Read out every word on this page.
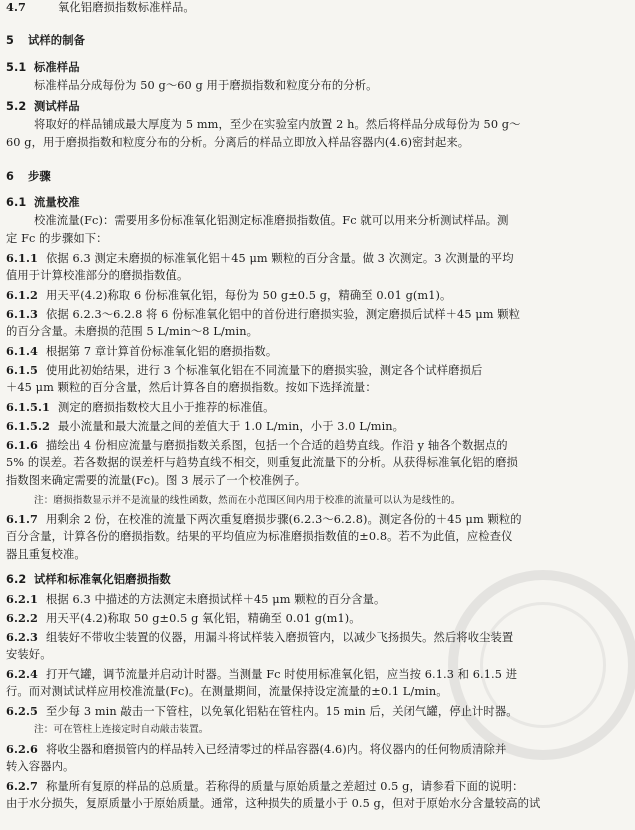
4.7	氧化铝磨损指数标准样品。
5 试样的制备
5.1 标准样品
标准样品分成每份为 50 g～60 g 用于磨损指数和粒度分布的分析。
5.2 测试样品
将取好的样品铺成最大厚度为 5 mm，至少在实验室内放置 2 h。然后将样品分成每份为 50 g～
60 g，用于磨损指数和粒度分布的分析。分离后的样品立即放入样品容器内(4.6)密封起来。
6 步骤
6.1 流量校准
校准流量(Fc)：需要用多份标准氧化铝测定标准磨损指数值。Fc 就可以用来分析测试样品。测
定 Fc 的步骤如下：
6.1.1 依据 6.3 测定未磨损的标准氧化铝＋45 μm 颗粒的百分含量。做 3 次测定。3 次测量的平均
值用于计算校准部分的磨损指数值。
6.1.2 用天平(4.2)称取 6 份标准氧化铝，每份为 50 g±0.5 g，精确至 0.01 g(m1)。
6.1.3 依据 6.2.3～6.2.8 将 6 份标准氧化铝中的首份进行磨损实验，测定磨损后试样＋45 μm 颗粒
的百分含量。未磨损的范围 5 L/min～8 L/min。
6.1.4 根据第 7 章计算首份标准氧化铝的磨损指数。
6.1.5 使用此初始结果，进行 3 个标准氧化铝在不同流量下的磨损实验，测定各个试样磨损后
＋45 μm 颗粒的百分含量，然后计算各自的磨损指数。按如下选择流量：
6.1.5.1 测定的磨损指数校大且小于推荐的标准值。
6.1.5.2 最小流量和最大流量之间的差值大于 1.0 L/min，小于 3.0 L/min。
6.1.6 描绘出 4 份相应流量与磨损指数关系图，包括一个合适的趋势直线。作沿 y 轴各个数据点的
5% 的误差。若各数据的误差杆与趋势直线不相交，则重复此流量下的分析。从获得标准氧化铝的磨损
指数图来确定需要的流量(Fc)。图 3 展示了一个校准例子。
注：磨损指数显示并不是流量的线性函数，然而在小范围区间内用于校准的流量可以认为是线性的。
6.1.7 用剩余 2 份，在校准的流量下两次重复磨损步骤(6.2.3～6.2.8)。测定各份的＋45 μm 颗粒的
百分含量，计算各份的磨损指数。结果的平均值应为标准磨损指数值的±0.8。若不为此值，应检查仪
器且重复校准。
6.2 试样和标准氧化铝磨损指数
6.2.1 根据 6.3 中描述的方法测定未磨损试样＋45 μm 颗粒的百分含量。
6.2.2 用天平(4.2)称取 50 g±0.5 g 氧化铝，精确至 0.01 g(m1)。
6.2.3 组装好不带收尘装置的仪器，用漏斗将试样装入磨损管内，以减少飞扬损失。然后将收尘装置
安装好。
6.2.4 打开气罐，调节流量并启动计时器。当测量 Fc 时使用标准氧化铝，应当按 6.1.3 和 6.1.5 进
行。而对测试试样应用校准流量(Fc)。在测量期间，流量保持设定流量的±0.1 L/min。
6.2.5 至少每 3 min 敲击一下管柱，以免氧化铝粘在管柱内。15 min 后，关闭气罐，停止计时器。
注：可在管柱上连接定时自动敲击装置。
6.2.6 将收尘器和磨损管内的样品转入已经清零过的样品容器(4.6)内。将仪器内的任何物质清除并
转入容器内。
6.2.7 称量所有复原的样品的总质量。若称得的质量与原始质量之差超过 0.5 g，请参看下面的说明：
由于水分损失，复原质量小于原始质量。通常，这种损失的质量小于 0.5 g，但对于原始水分含量较高的试
